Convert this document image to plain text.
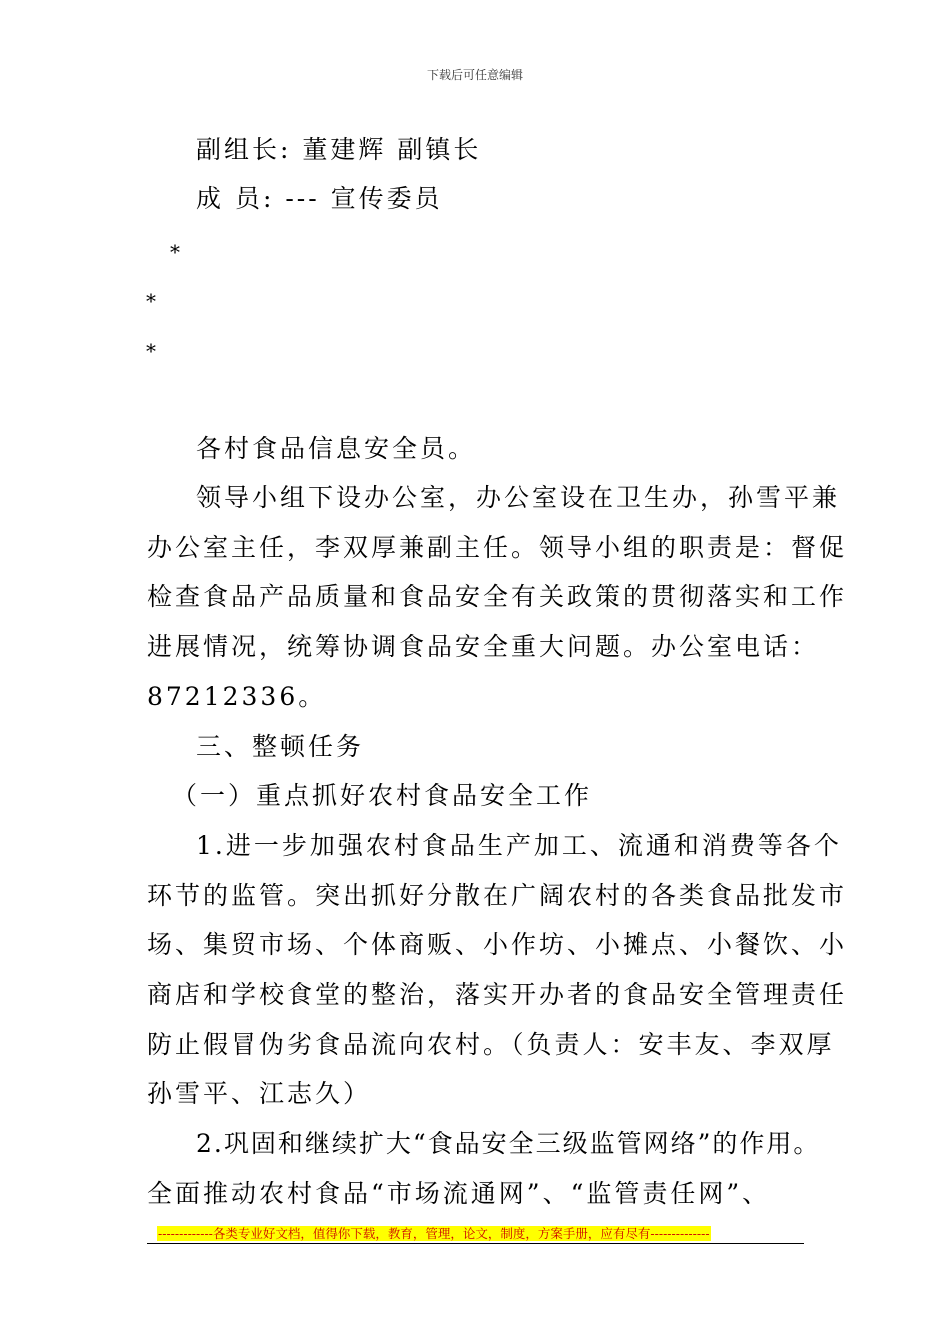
下载后可任意编辑
副组长: 董建辉 副镇长
成 员: --- 宣传委员
*
*
*
各村食品信息安全员。
领导小组下设办公室，办公室设在卫生办，孙雪平兼
办公室主任，李双厚兼副主任。领导小组的职责是：督促
检查食品产品质量和食品安全有关政策的贯彻落实和工作
进展情况，统筹协调食品安全重大问题。办公室电话：
87212336。
三、整顿任务
（一）重点抓好农村食品安全工作
1.进一步加强农村食品生产加工、流通和消费等各个
环节的监管。突出抓好分散在广阔农村的各类食品批发市
场、集贸市场、个体商贩、小作坊、小摊点、小餐饮、小
商店和学校食堂的整治，落实开办者的食品安全管理责任
防止假冒伪劣食品流向农村。（负责人：安丰友、李双厚
孙雪平、江志久）
2.巩固和继续扩大“食品安全三级监管网络”的作用。
全面推动农村食品“市场流通网”、“监管责任网”、
-------------各类专业好文档，值得你下载，教育，管理，论文，制度，方案手册，应有尽有--------------
